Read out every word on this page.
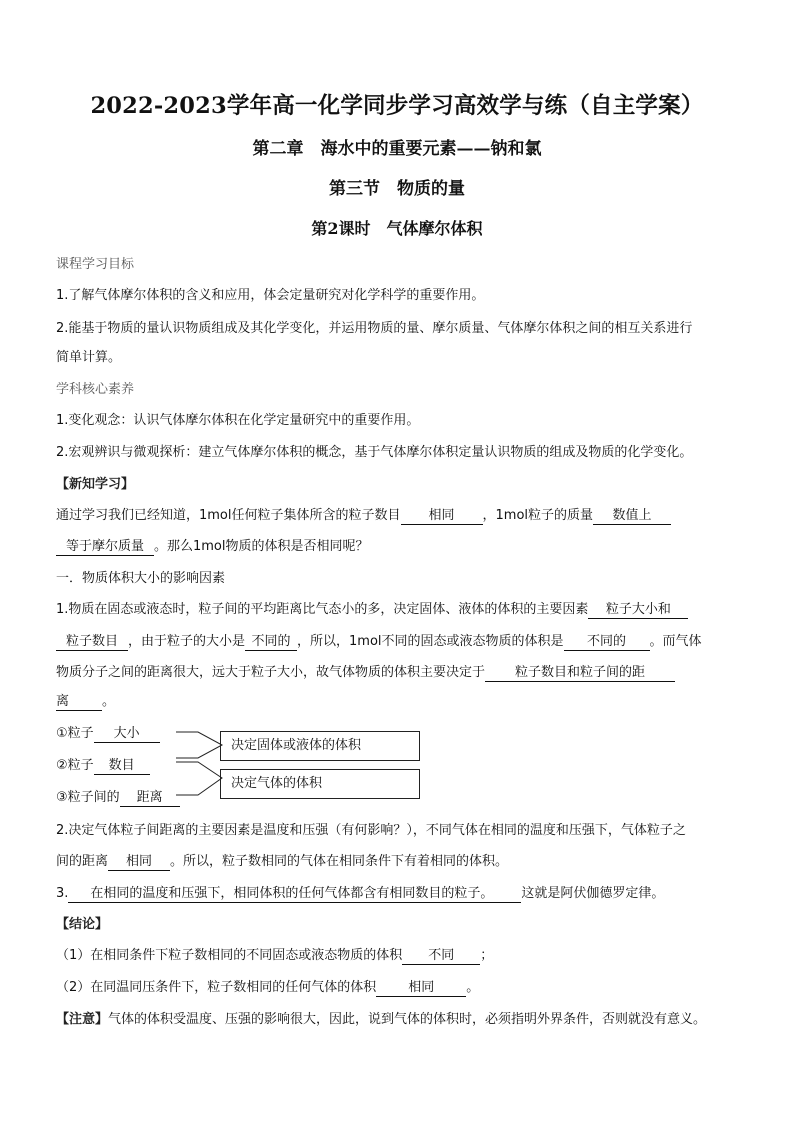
2022-2023学年高一化学同步学习高效学与练（自主学案）
第二章　海水中的重要元素——钠和氯
第三节　物质的量
第2课时　气体摩尔体积
课程学习目标
1.了解气体摩尔体积的含义和应用，体会定量研究对化学科学的重要作用。
2.能基于物质的量认识物质组成及其化学变化，并运用物质的量、摩尔质量、气体摩尔体积之间的相互关系进行
简单计算。
学科核心素养
1.变化观念：认识气体摩尔体积在化学定量研究中的重要作用。
2.宏观辨识与微观探析：建立气体摩尔体积的概念，基于气体摩尔体积定量认识物质的组成及物质的化学变化。
【新知学习】
通过学习我们已经知道，1mol任何粒子集体所含的粒子数目 相同 ，1mol粒子的质量 数值上
等于摩尔质量 。那么1mol物质的体积是否相同呢？
一．物质体积大小的影响因素
1.物质在固态或液态时，粒子间的平均距离比气态小的多，决定固体、液体的体积的主要因素 粒子大小和
粒子数目 ，由于粒子的大小是 不同的 ，所以，1mol不同的固态或液态物质的体积是 不同的 。而气体
物质分子之间的距离很大，远大于粒子大小，故气体物质的体积主要决定于 粒子数目和粒子间的距
离	。
①粒子 大小
②粒子 数目
③粒子间的 距离
决定固体或液体的体积
决定气体的体积
2.决定气体粒子间距离的主要因素是温度和压强（有何影响？），不同气体在相同的温度和压强下，气体粒子之
间的距离 相同 。所以，粒子数相同的气体在相同条件下有着相同的体积。
3. 在相同的温度和压强下，相同体积的任何气体都含有相同数目的粒子。 这就是阿伏伽德罗定律。
【结论】
（1）在相同条件下粒子数相同的不同固态或液态物质的体积 不同 ；
（2）在同温同压条件下，粒子数相同的任何气体的体积 相同 。
【注意】气体的体积受温度、压强的影响很大，因此，说到气体的体积时，必须指明外界条件，否则就没有意义。
